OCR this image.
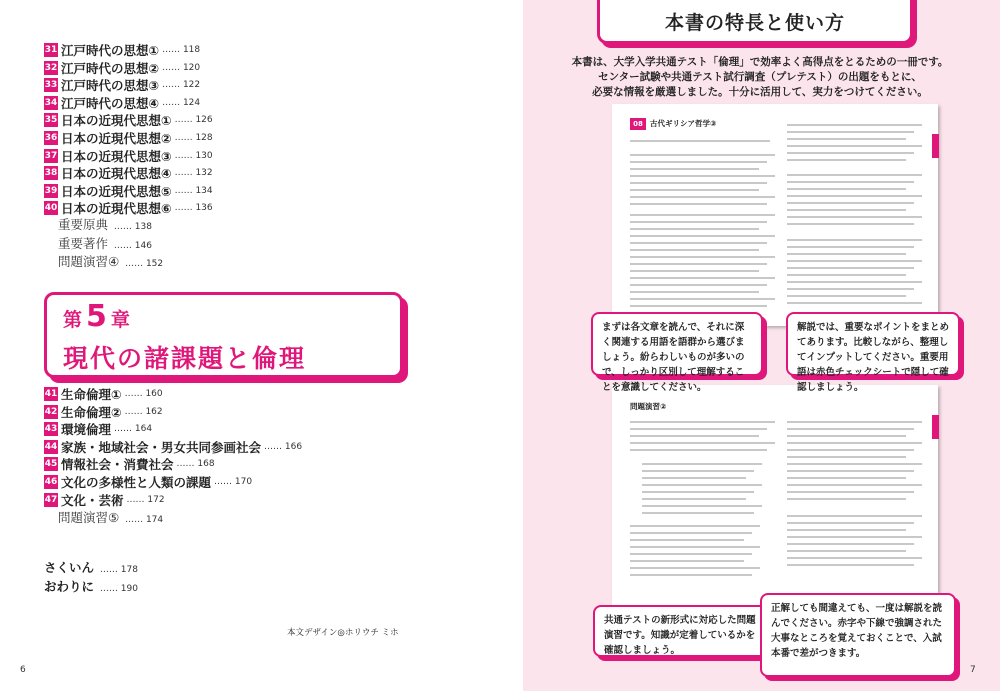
31 江戸時代の思想① …… 118
32 江戸時代の思想② …… 120
33 江戸時代の思想③ …… 122
34 江戸時代の思想④ …… 124
35 日本の近現代思想① …… 126
36 日本の近現代思想② …… 128
37 日本の近現代思想③ …… 130
38 日本の近現代思想④ …… 132
39 日本の近現代思想⑤ …… 134
40 日本の近現代思想⑥ …… 136
重要原典 …… 138
重要著作 …… 146
問題演習④ …… 152
第 5 章
現代の諸課題と倫理
41 生命倫理① …… 160
42 生命倫理② …… 162
43 環境倫理 …… 164
44 家族・地域社会・男女共同参画社会 …… 166
45 情報社会・消費社会 …… 168
46 文化の多様性と人類の課題 …… 170
47 文化・芸術 …… 172
問題演習⑤ …… 174
さくいん …… 178
おわりに …… 190
本文デザイン◎ホリウチ ミホ
6
本書の特長と使い方
本書は、大学入学共通テスト「倫理」で効率よく高得点をとるための一冊です。
センター試験や共通テスト試行調査（プレテスト）の出題をもとに、
必要な情報を厳選しました。十分に活用して、実力をつけてください。
08 古代ギリシア哲学③
問題演習②
まずは各文章を読んで、それに深く関連する用語を語群から選びましょう。紛らわしいものが多いので、しっかり区別して理解することを意識してください。
解説では、重要なポイントをまとめてあります。比較しながら、整理してインプットしてください。重要用語は赤色チェックシートで隠して確認しましょう。
共通テストの新形式に対応した問題演習です。知識が定着しているかを確認しましょう。
正解しても間違えても、一度は解説を読んでください。赤字や下線で強調された大事なところを覚えておくことで、入試本番で差がつきます。
7
